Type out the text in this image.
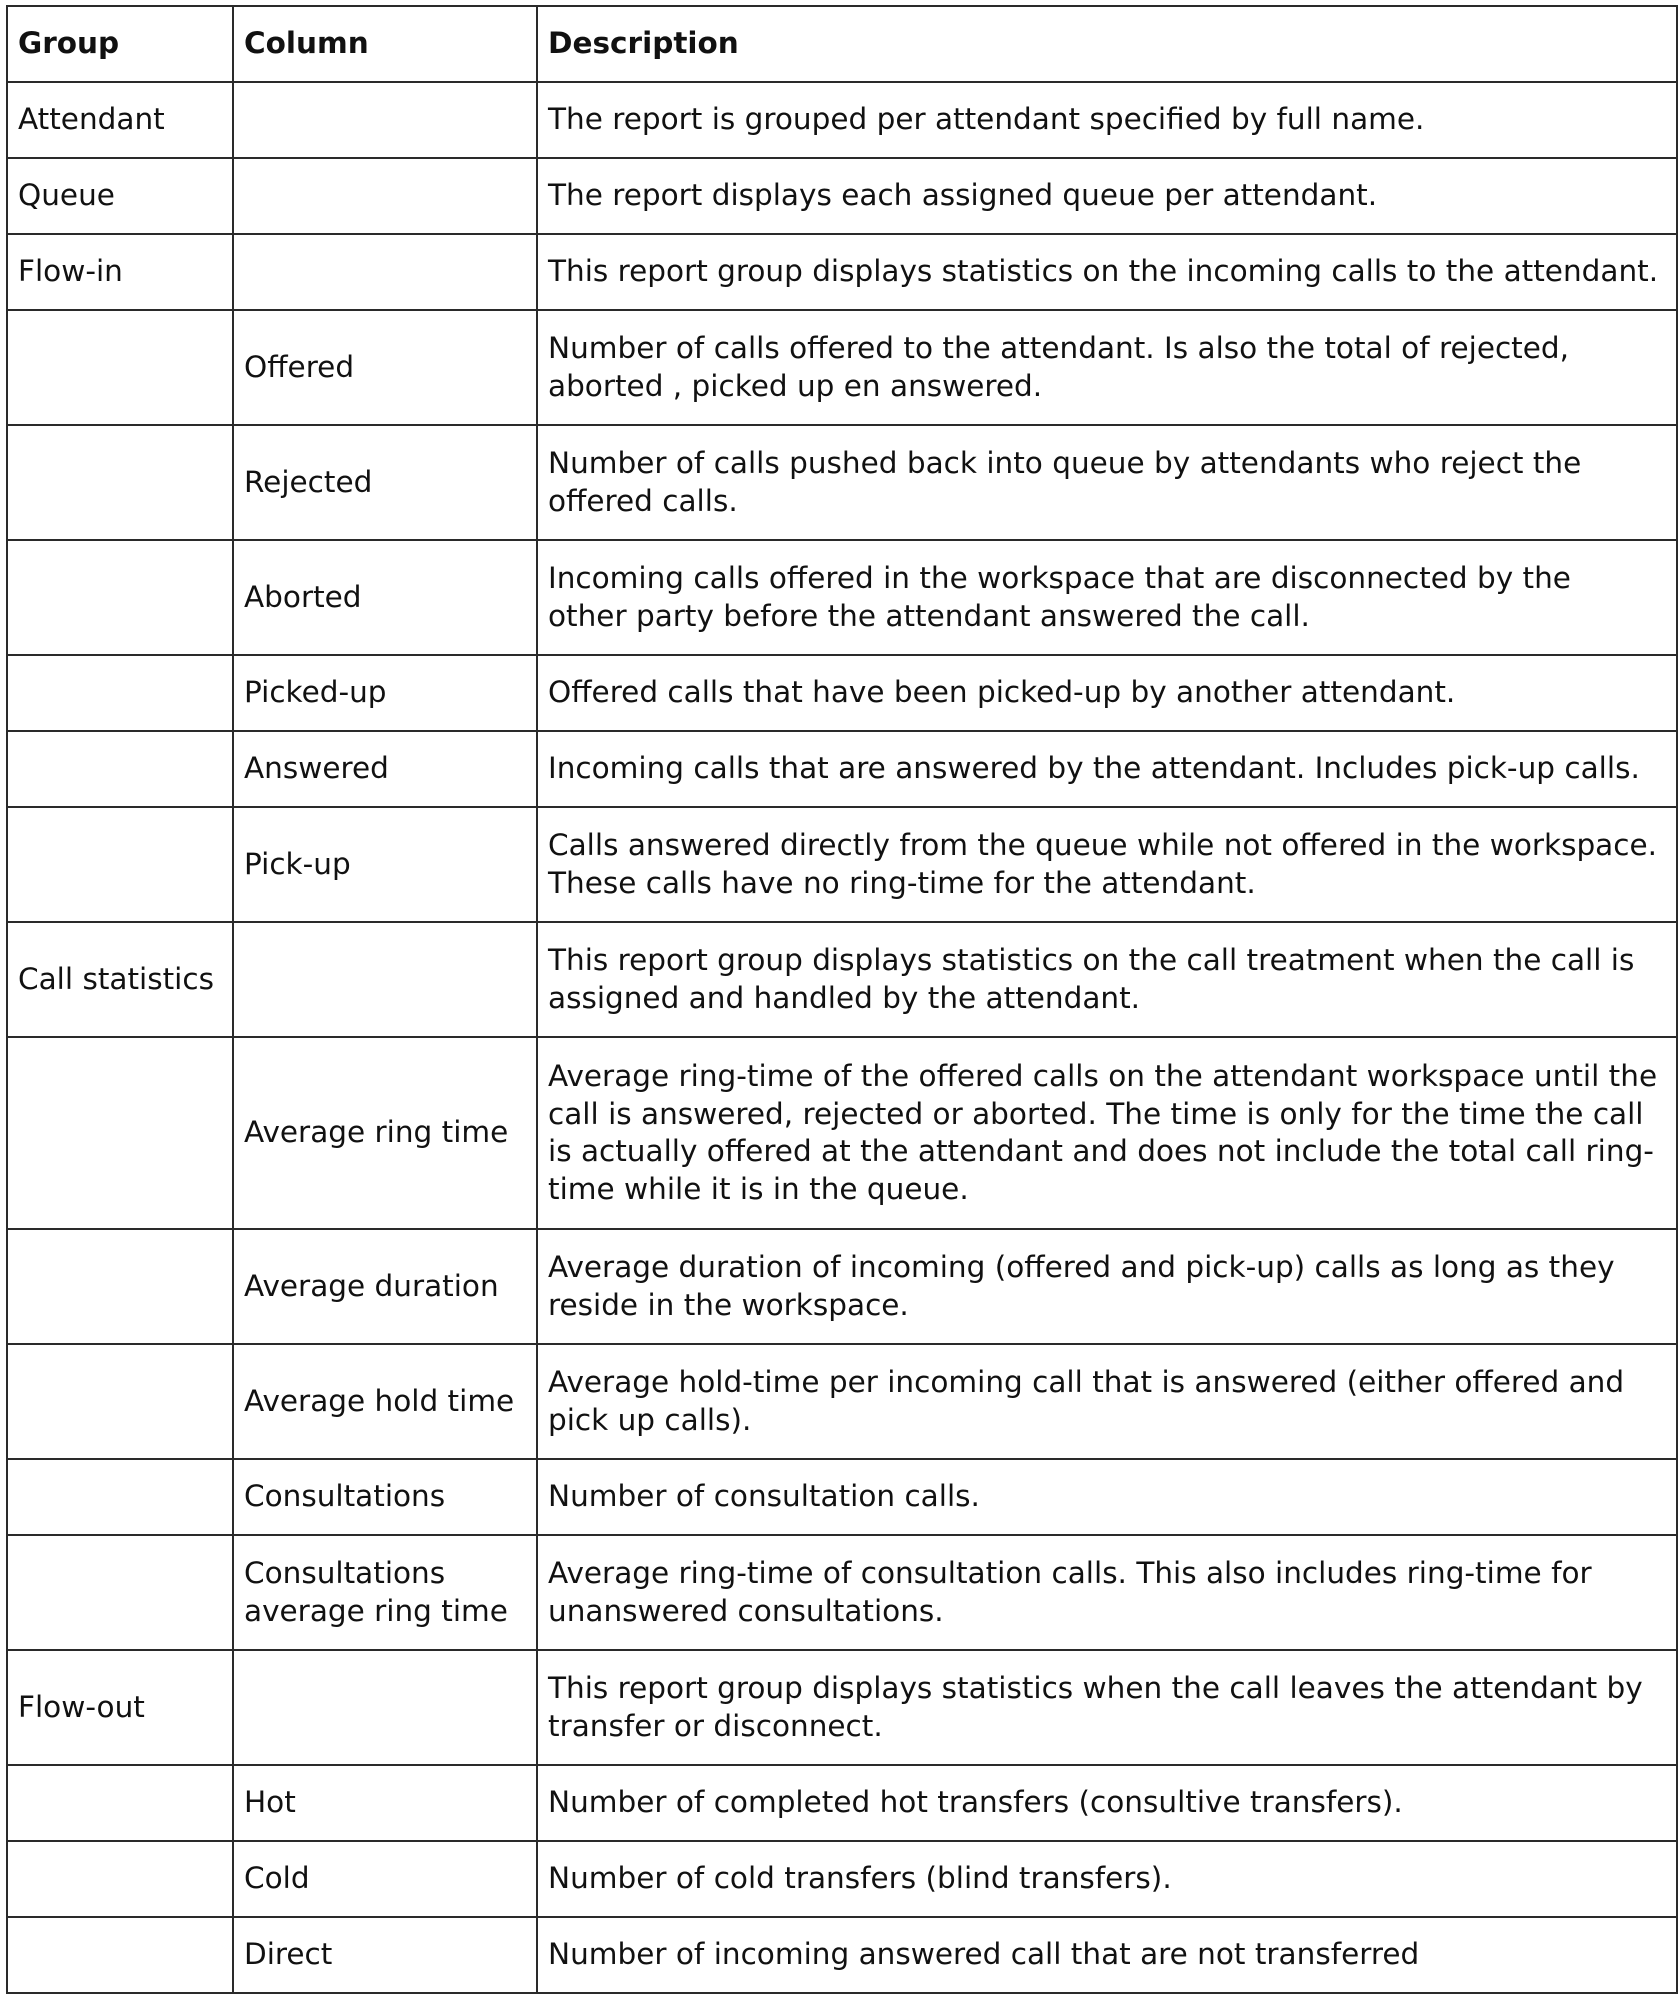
Group	Column	Description
Attendant		The report is grouped per attendant specified by full name.
Queue		The report displays each assigned queue per attendant.
Flow-in		This report group displays statistics on the incoming calls to the attendant.
	Offered	Number of calls offered to the attendant. Is also the total of rejected,
aborted , picked up en answered.
	Rejected	Number of calls pushed back into queue by attendants who reject the
offered calls.
	Aborted	Incoming calls offered in the workspace that are disconnected by the
other party before the attendant answered the call.
	Picked-up	Offered calls that have been picked-up by another attendant.
	Answered	Incoming calls that are answered by the attendant. Includes pick-up calls.
	Pick-up	Calls answered directly from the queue while not offered in the workspace.
These calls have no ring-time for the attendant.
Call statistics		This report group displays statistics on the call treatment when the call is
assigned and handled by the attendant.
	Average ring time	Average ring-time of the offered calls on the attendant workspace until the
call is answered, rejected or aborted. The time is only for the time the call
is actually offered at the attendant and does not include the total call ring-
time while it is in the queue.
	Average duration	Average duration of incoming (offered and pick-up) calls as long as they
reside in the workspace.
	Average hold time	Average hold-time per incoming call that is answered (either offered and
pick up calls).
	Consultations	Number of consultation calls.
	Consultations
average ring time	Average ring-time of consultation calls. This also includes ring-time for
unanswered consultations.
Flow-out		This report group displays statistics when the call leaves the attendant by
transfer or disconnect.
	Hot	Number of completed hot transfers (consultive transfers).
	Cold	Number of cold transfers (blind transfers).
	Direct	Number of incoming answered call that are not transferred
